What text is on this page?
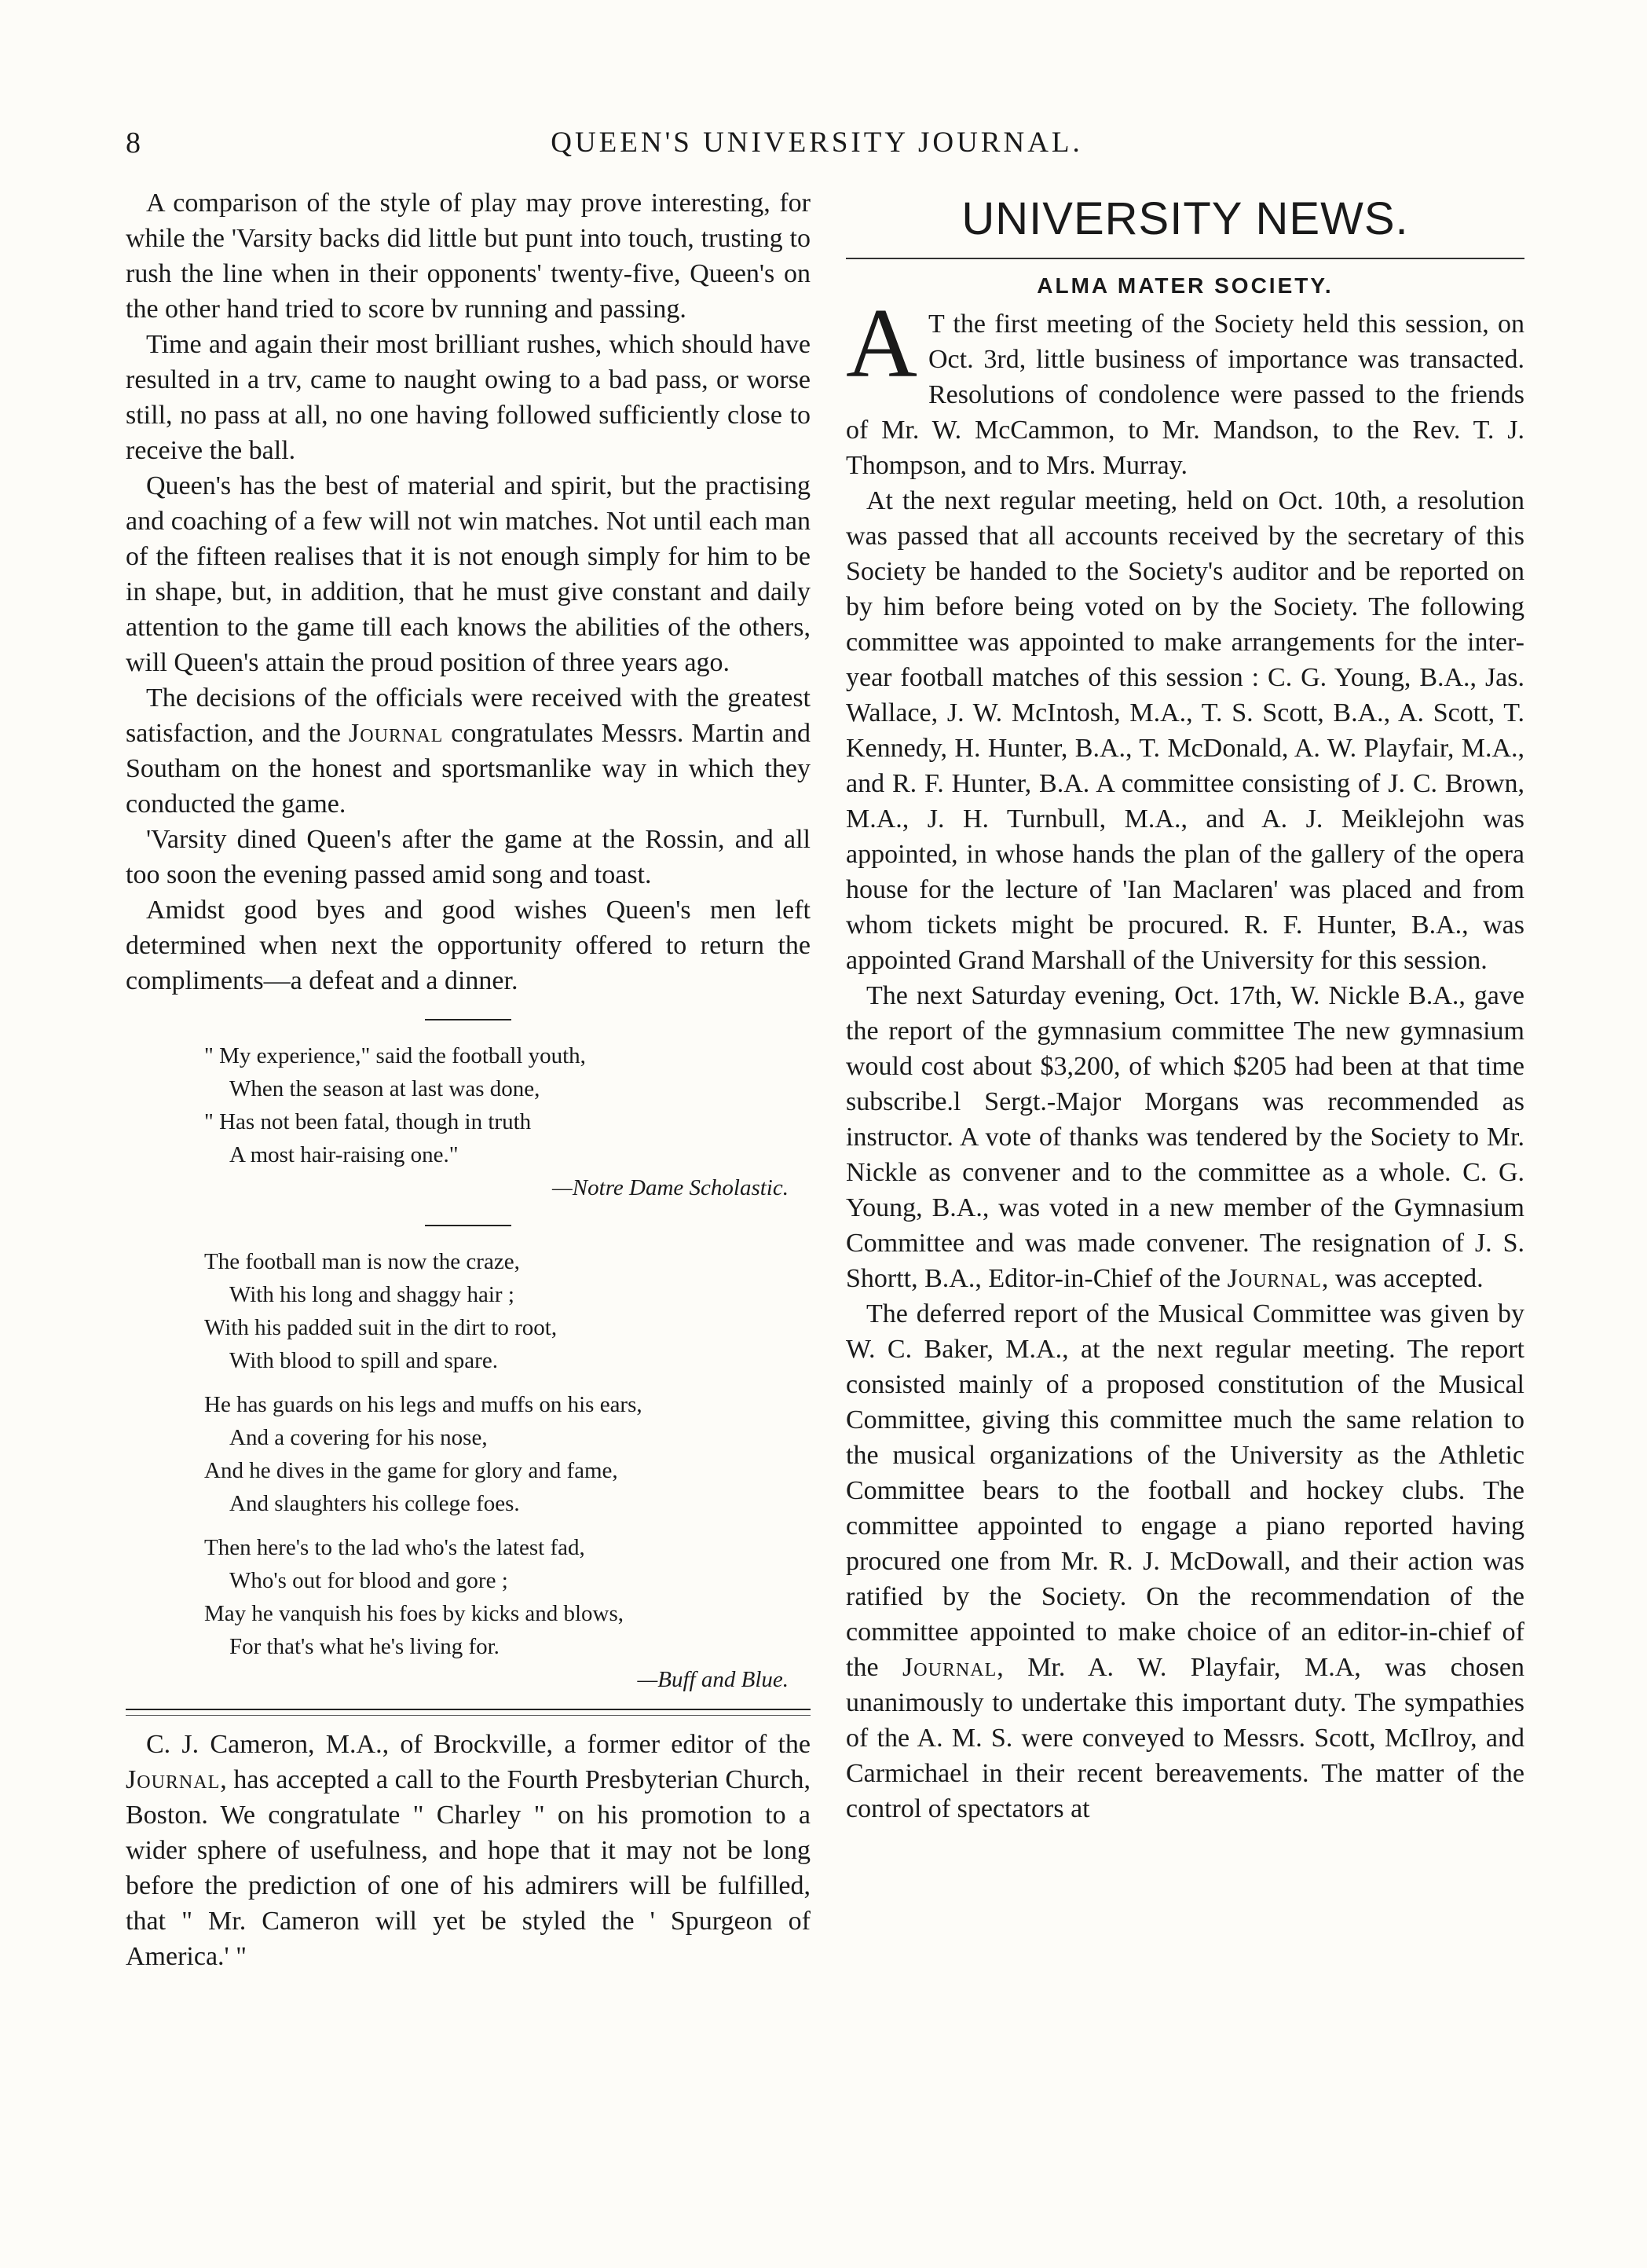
8	QUEEN'S UNIVERSITY JOURNAL.

A comparison of the style of play may prove interesting, for while the 'Varsity backs did little but punt into touch, trusting to rush the line when in their opponents' twenty-five, Queen's on the other hand tried to score bv running and passing.

Time and again their most brilliant rushes, which should have resulted in a trv, came to naught owing to a bad pass, or worse still, no pass at all, no one having followed sufficiently close to receive the ball.

Queen's has the best of material and spirit, but the practising and coaching of a few will not win matches. Not until each man of the fifteen realises that it is not enough simply for him to be in shape, but, in addition, that he must give constant and daily attention to the game till each knows the abilities of the others, will Queen's attain the proud position of three years ago.

The decisions of the officials were received with the greatest satisfaction, and the Journal congratulates Messrs. Martin and Southam on the honest and sportsmanlike way in which they conducted the game.

'Varsity dined Queen's after the game at the Rossin, and all too soon the evening passed amid song and toast.

Amidst good byes and good wishes Queen's men left determined when next the opportunity offered to return the compliments—a defeat and a dinner.

" My experience," said the football youth,
When the season at last was done,
" Has not been fatal, though in truth
A most hair-raising one."
—Notre Dame Scholastic.
The football man is now the craze,
With his long and shaggy hair ;
With his padded suit in the dirt to root,
With blood to spill and spare.
He has guards on his legs and muffs on his ears,
And a covering for his nose,
And he dives in the game for glory and fame,
And slaughters his college foes.
Then here's to the lad who's the latest fad,
Who's out for blood and gore ;
May he vanquish his foes by kicks and blows,
For that's what he's living for.
—Buff and Blue.

C. J. Cameron, M.A., of Brockville, a former editor of the Journal, has accepted a call to the Fourth Presbyterian Church, Boston. We congratulate " Charley " on his promotion to a wider sphere of usefulness, and hope that it may not be long before the prediction of one of his admirers will be fulfilled, that " Mr. Cameron will yet be styled the ' Spurgeon of America.' "

UNIVERSITY NEWS.
ALMA MATER SOCIETY.

A T the first meeting of the Society held this session, on Oct. 3rd, little business of importance was transacted. Resolutions of condolence were passed to the friends of Mr. W. McCammon, to Mr. Mandson, to the Rev. T. J. Thompson, and to Mrs. Murray.

At the next regular meeting, held on Oct. 10th, a resolution was passed that all accounts received by the secretary of this Society be handed to the Society's auditor and be reported on by him before being voted on by the Society. The following committee was appointed to make arrangements for the inter-year football matches of this session : C. G. Young, B.A., Jas. Wallace, J. W. McIntosh, M.A., T. S. Scott, B.A., A. Scott, T. Kennedy, H. Hunter, B.A., T. McDonald, A. W. Playfair, M.A., and R. F. Hunter, B.A. A committee consisting of J. C. Brown, M.A., J. H. Turnbull, M.A., and A. J. Meiklejohn was appointed, in whose hands the plan of the gallery of the opera house for the lecture of 'Ian Maclaren' was placed and from whom tickets might be procured. R. F. Hunter, B.A., was appointed Grand Marshall of the University for this session.

The next Saturday evening, Oct. 17th, W. Nickle B.A., gave the report of the gymnasium committee The new gymnasium would cost about $3,200, of which $205 had been at that time subscribe.l Sergt.-Major Morgans was recommended as instructor. A vote of thanks was tendered by the Society to Mr. Nickle as convener and to the committee as a whole. C. G. Young, B.A., was voted in a new member of the Gymnasium Committee and was made convener. The resignation of J. S. Shortt, B.A., Editor-in-Chief of the Journal, was accepted.

The deferred report of the Musical Committee was given by W. C. Baker, M.A., at the next regular meeting. The report consisted mainly of a proposed constitution of the Musical Committee, giving this committee much the same relation to the musical organizations of the University as the Athletic Committee bears to the football and hockey clubs. The committee appointed to engage a piano reported having procured one from Mr. R. J. McDowall, and their action was ratified by the Society. On the recommendation of the committee appointed to make choice of an editor-in-chief of the Journal, Mr. A. W. Playfair, M.A, was chosen unanimously to undertake this important duty. The sympathies of the A. M. S. were conveyed to Messrs. Scott, McIlroy, and Carmichael in their recent bereavements. The matter of the control of spectators at
